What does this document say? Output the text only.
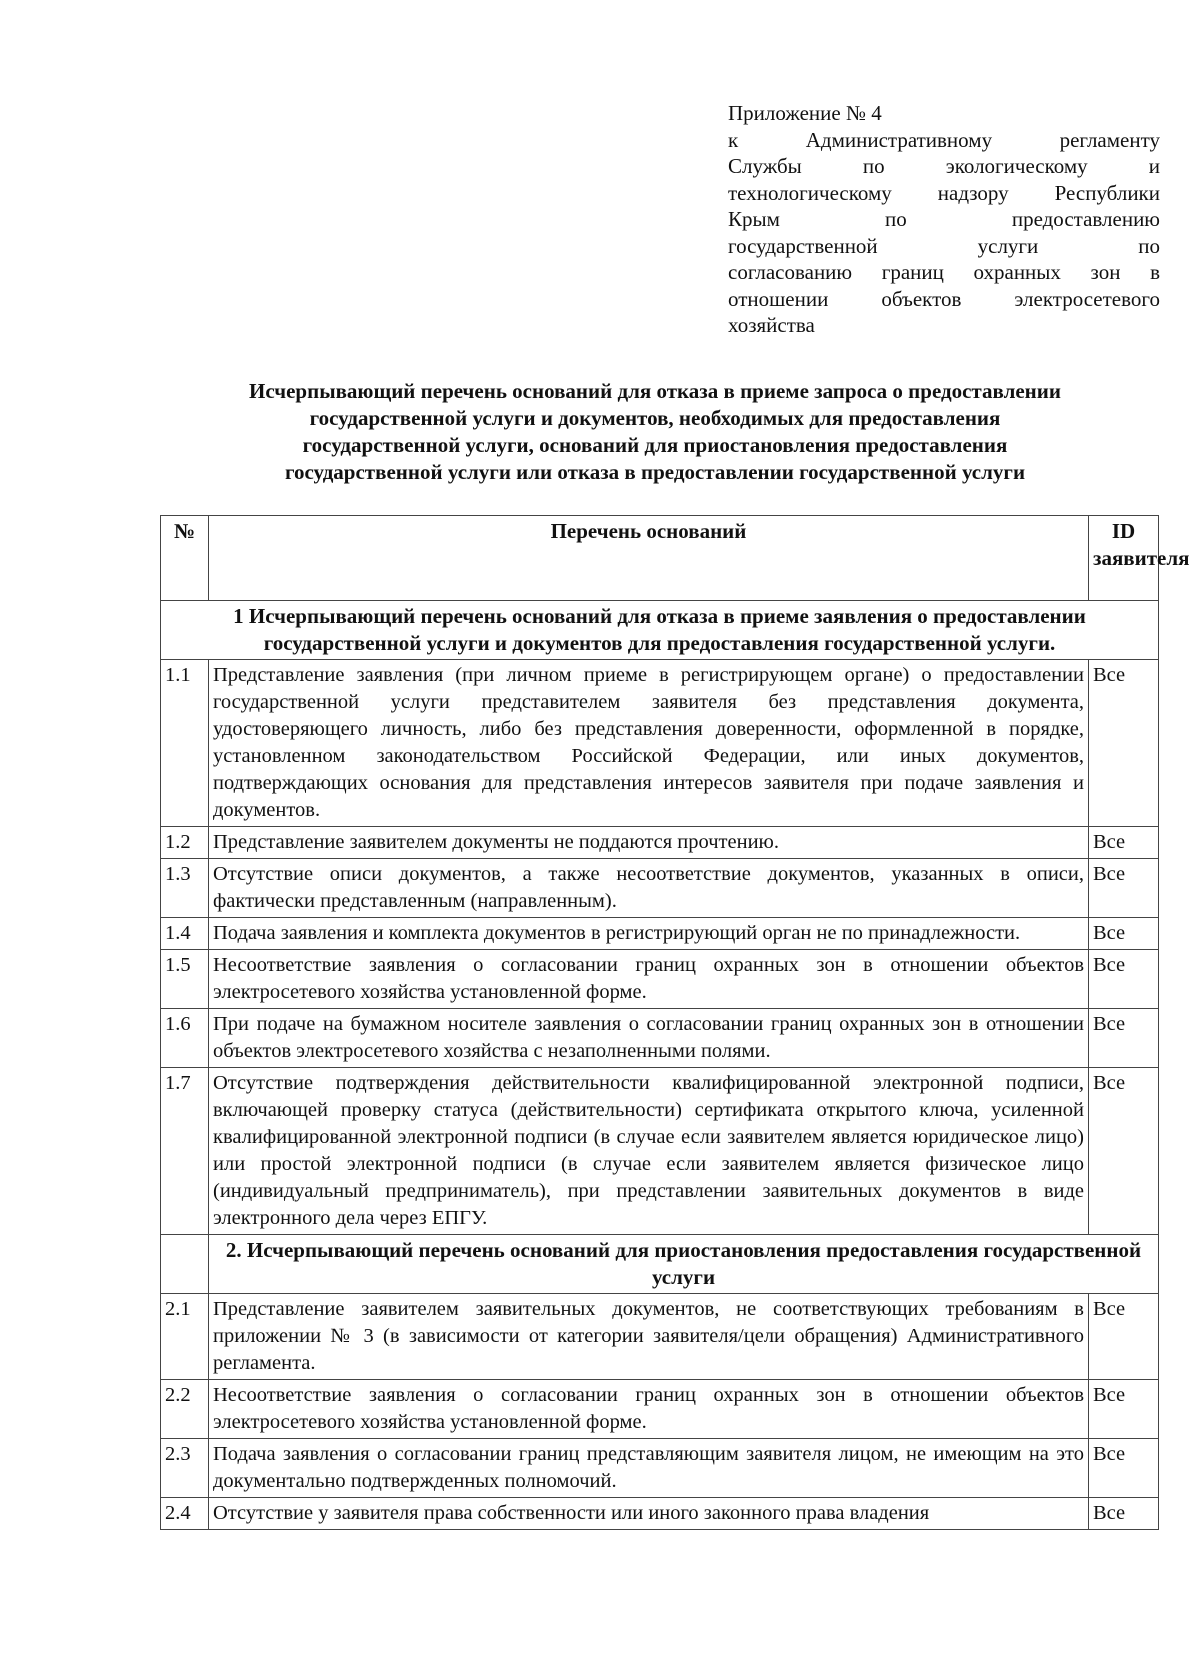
Приложение № 4
к Административному регламенту
Службы по экологическому и
технологическому надзору Республики
Крым по предоставлению
государственной услуги по
согласованию границ охранных зон в
отношении объектов электросетевого
хозяйства
Исчерпывающий перечень оснований для отказа в приеме запроса о предоставлении
государственной услуги и документов, необходимых для предоставления
государственной услуги, оснований для приостановления предоставления
государственной услуги или отказа в предоставлении государственной услуги
№	Перечень оснований	ID заявителя
1 Исчерпывающий перечень оснований для отказа в приеме заявления о предоставлении государственной услуги и документов для предоставления государственной услуги.		
1.1	Представление заявления (при личном приеме в регистрирующем органе) о предоставлении государственной услуги представителем заявителя без представления документа, удостоверяющего личность, либо без представления доверенности, оформленной в порядке, установленном законодательством Российской Федерации, или иных документов, подтверждающих основания для представления интересов заявителя при подаче заявления и документов.	Все
1.2	Представление заявителем документы не поддаются прочтению.	Все
1.3	Отсутствие описи документов, а также несоответствие документов, указанных в описи, фактически представленным (направленным).	Все
1.4	Подача заявления и комплекта документов в регистрирующий орган не по принадлежности.	Все
1.5	Несоответствие заявления о согласовании границ охранных зон в отношении объектов электросетевого хозяйства установленной форме.	Все
1.6	При подаче на бумажном носителе заявления о согласовании границ охранных зон в отношении объектов электросетевого хозяйства с незаполненными полями.	Все
1.7	Отсутствие подтверждения действительности квалифицированной электронной подписи, включающей проверку статуса (действительности) сертификата открытого ключа, усиленной квалифицированной электронной подписи (в случае если заявителем является юридическое лицо) или простой электронной подписи (в случае если заявителем является физическое лицо (индивидуальный предприниматель), при представлении заявительных документов в виде электронного дела через ЕПГУ.	Все
	2. Исчерпывающий перечень оснований для приостановления предоставления государственной услуги	
2.1	Представление заявителем заявительных документов, не соответствующих требованиям в приложении № 3 (в зависимости от категории заявителя/цели обращения) Административного регламента.	Все
2.2	Несоответствие заявления о согласовании границ охранных зон в отношении объектов электросетевого хозяйства установленной форме.	Все
2.3	Подача заявления о согласовании границ представляющим заявителя лицом, не имеющим на это документально подтвержденных полномочий.	Все
2.4	Отсутствие у заявителя права собственности или иного законного права владения	Все
